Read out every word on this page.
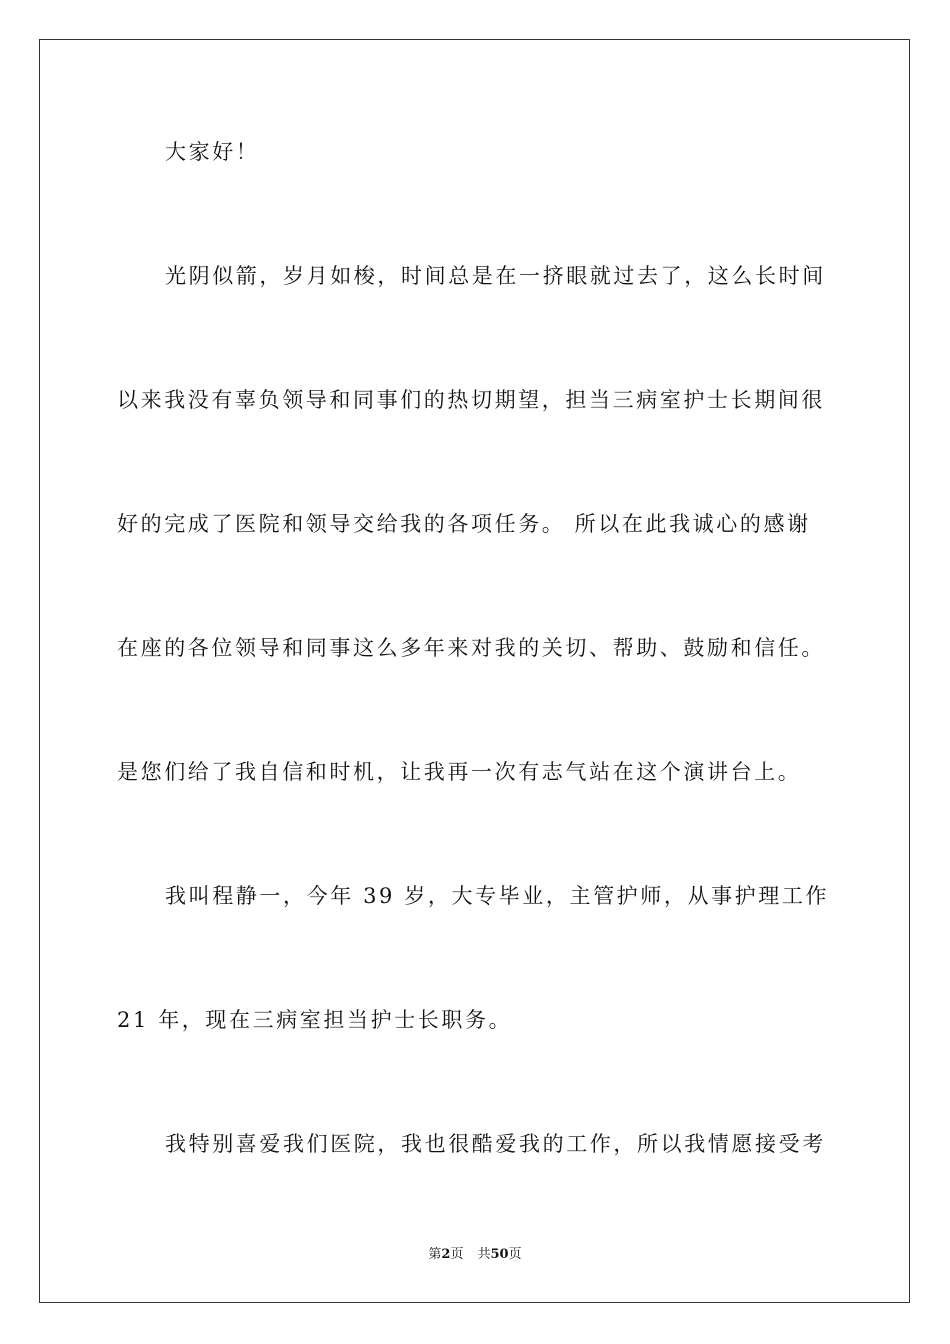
大家好！
光阴似箭，岁月如梭，时间总是在一挤眼就过去了，这么长时间
以来我没有辜负领导和同事们的热切期望，担当三病室护士长期间很
好的完成了医院和领导交给我的各项任务。 所以在此我诚心的感谢
在座的各位领导和同事这么多年来对我的关切、帮助、鼓励和信任。
是您们给了我自信和时机，让我再一次有志气站在这个演讲台上。
我叫程静一，今年 39 岁，大专毕业，主管护师，从事护理工作
21 年，现在三病室担当护士长职务。
我特别喜爱我们医院，我也很酷爱我的工作，所以我情愿接受考
第2页 共50页
